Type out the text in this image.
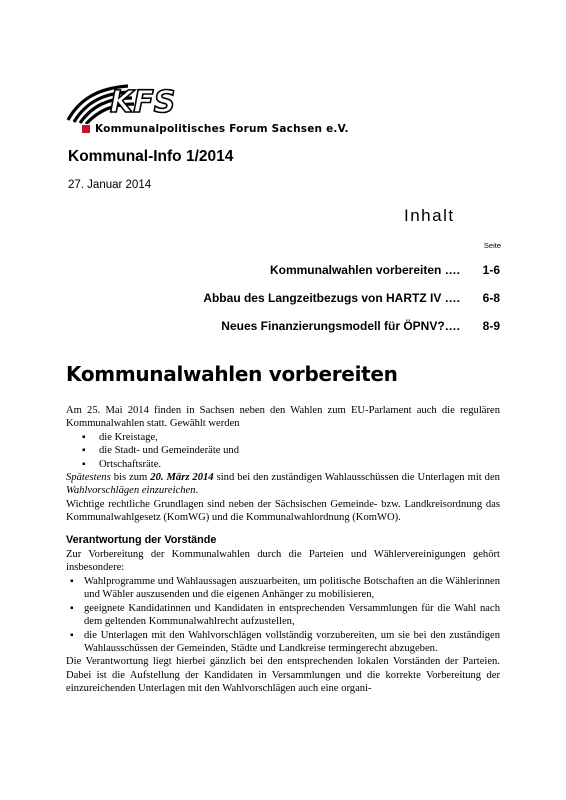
KFS
Kommunalpolitisches Forum Sachsen e.V.
Kommunal-Info 1/2014
27. Januar 2014
Inhalt
Seite
Kommunalwahlen vorbereiten …. 1-6
Abbau des Langzeitbezugs von HARTZ IV …. 6-8
Neues Finanzierungsmodell für ÖPNV?…. 8-9
Kommunalwahlen vorbereiten

Am 25. Mai 2014 finden in Sachsen neben den Wahlen zum EU-Parlament auch die regulären Kommunalwahlen statt. Gewählt werden

▪ die Kreistage,
▪ die Stadt- und Gemeinderäte und
▪ Ortschaftsräte.

Spätestens bis zum 20. März 2014 sind bei den zuständigen Wahlausschüssen die Unterlagen mit den Wahlvorschlägen einzureichen.

Wichtige rechtliche Grundlagen sind neben der Sächsischen Gemeinde- bzw. Landkreisordnung das Kommunalwahlgesetz (KomWG) und die Kommunalwahlordnung (KomWO).

Verantwortung der Vorstände

Zur Vorbereitung der Kommunalwahlen durch die Parteien und Wählervereinigungen gehört insbesondere:

▪ Wahlprogramme und Wahlaussagen auszuarbeiten, um politische Botschaften an die Wählerinnen und Wähler auszusenden und die eigenen Anhänger zu mobilisieren,
▪ geeignete Kandidatinnen und Kandidaten in entsprechenden Versammlungen für die Wahl nach dem geltenden Kommunalwahlrecht aufzustellen,
▪ die Unterlagen mit den Wahlvorschlägen vollständig vorzubereiten, um sie bei den zuständigen Wahlausschüssen der Gemeinden, Städte und Landkreise termingerecht abzugeben.

Die Verantwortung liegt hierbei gänzlich bei den entsprechenden lokalen Vorständen der Parteien. Dabei ist die Aufstellung der Kandidaten in Versammlungen und die korrekte Vorbereitung der einzureichenden Unterlagen mit den Wahlvorschlägen auch eine organi-
